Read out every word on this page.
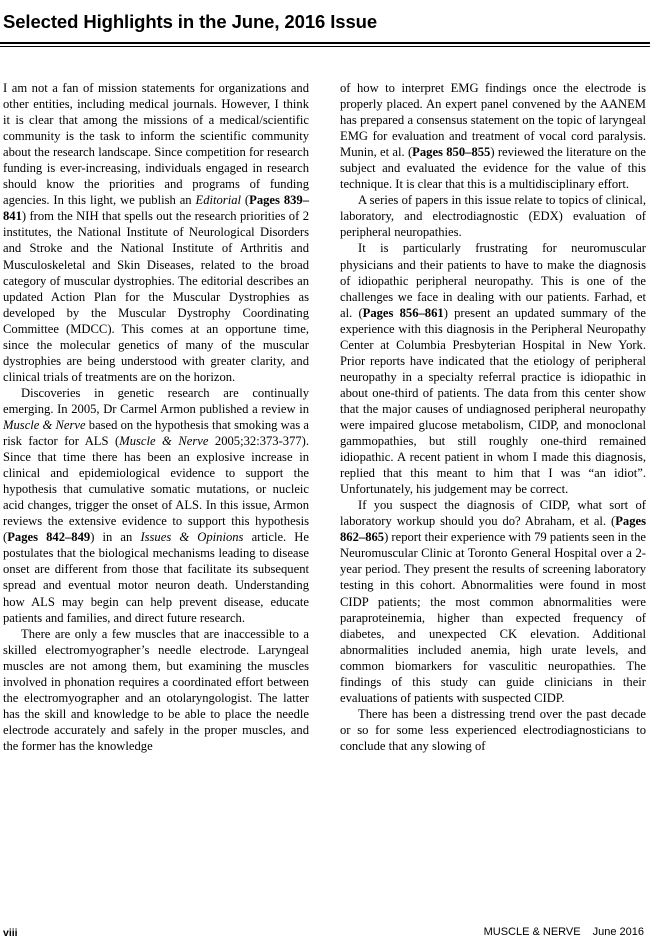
Selected Highlights in the June, 2016 Issue

I am not a fan of mission statements for organizations and other entities, including medical journals. However, I think it is clear that among the missions of a medical/scientific community is the task to inform the scientific community about the research landscape. Since competition for research funding is ever-increasing, individuals engaged in research should know the priorities and programs of funding agencies. In this light, we publish an Editorial (Pages 839–841) from the NIH that spells out the research priorities of 2 institutes, the National Institute of Neurological Disorders and Stroke and the National Institute of Arthritis and Musculoskeletal and Skin Diseases, related to the broad category of muscular dystrophies. The editorial describes an updated Action Plan for the Muscular Dystrophies as developed by the Muscular Dystrophy Coordinating Committee (MDCC). This comes at an opportune time, since the molecular genetics of many of the muscular dystrophies are being understood with greater clarity, and clinical trials of treatments are on the horizon.

Discoveries in genetic research are continually emerging. In 2005, Dr Carmel Armon published a review in Muscle & Nerve based on the hypothesis that smoking was a risk factor for ALS (Muscle & Nerve 2005;32:373-377). Since that time there has been an explosive increase in clinical and epidemiological evidence to support the hypothesis that cumulative somatic mutations, or nucleic acid changes, trigger the onset of ALS. In this issue, Armon reviews the extensive evidence to support this hypothesis (Pages 842–849) in an Issues & Opinions article. He postulates that the biological mechanisms leading to disease onset are different from those that facilitate its subsequent spread and eventual motor neuron death. Understanding how ALS may begin can help prevent disease, educate patients and families, and direct future research.

There are only a few muscles that are inaccessible to a skilled electromyographer’s needle electrode. Laryngeal muscles are not among them, but examining the muscles involved in phonation requires a coordinated effort between the electromyographer and an otolaryngologist. The latter has the skill and knowledge to be able to place the needle electrode accurately and safely in the proper muscles, and the former has the knowledge

of how to interpret EMG findings once the electrode is properly placed. An expert panel convened by the AANEM has prepared a consensus statement on the topic of laryngeal EMG for evaluation and treatment of vocal cord paralysis. Munin, et al. (Pages 850–855) reviewed the literature on the subject and evaluated the evidence for the value of this technique. It is clear that this is a multidisciplinary effort.

A series of papers in this issue relate to topics of clinical, laboratory, and electrodiagnostic (EDX) evaluation of peripheral neuropathies.

It is particularly frustrating for neuromuscular physicians and their patients to have to make the diagnosis of idiopathic peripheral neuropathy. This is one of the challenges we face in dealing with our patients. Farhad, et al. (Pages 856–861) present an updated summary of the experience with this diagnosis in the Peripheral Neuropathy Center at Columbia Presbyterian Hospital in New York. Prior reports have indicated that the etiology of peripheral neuropathy in a specialty referral practice is idiopathic in about one-third of patients. The data from this center show that the major causes of undiagnosed peripheral neuropathy were impaired glucose metabolism, CIDP, and monoclonal gammopathies, but still roughly one-third remained idiopathic. A recent patient in whom I made this diagnosis, replied that this meant to him that I was “an idiot”. Unfortunately, his judgement may be correct.

If you suspect the diagnosis of CIDP, what sort of laboratory workup should you do? Abraham, et al. (Pages 862–865) report their experience with 79 patients seen in the Neuromuscular Clinic at Toronto General Hospital over a 2-year period. They present the results of screening laboratory testing in this cohort. Abnormalities were found in most CIDP patients; the most common abnormalities were paraproteinemia, higher than expected frequency of diabetes, and unexpected CK elevation. Additional abnormalities included anemia, high urate levels, and common biomarkers for vasculitic neuropathies. The findings of this study can guide clinicians in their evaluations of patients with suspected CIDP.

There has been a distressing trend over the past decade or so for some less experienced electrodiagnosticians to conclude that any slowing of

viii	MUSCLE & NERVE June 2016
